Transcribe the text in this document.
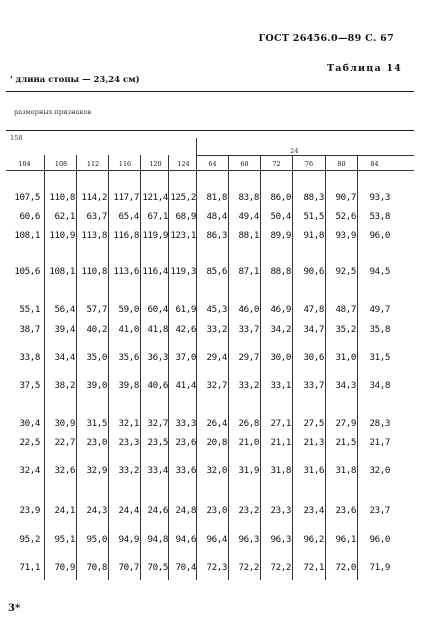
ГОСТ 26456.0—89 С. 67
Таблица 14
' длина стопы — 23,24 см)
размерных признаков
158
24
104	108	112	116	120	124	64	68	72	76	80	84
107,5	110,8 114,2 117,7 121,4 125,2	81,8	83,8	86,0	88,3	90,7	93,3
60,6	62,1	63,7	65,4 67,1 68,9	48,4	49,4	50,4	51,5	52,6	53,8
108,1	110,9 113,8 116,8 119,9 123,1	86,3	88,1	89,9	91,8	93,9	96,0
105,6	108,1 110,8 113,6 116,4 119,3	85,6	87,1	88,8	90,6	92,5	94,5
55,1	56,4	57,7	59,0 60,4 61,9	45,3	46,0	46,9	47,8	48,7	49,7
38,7	39,4	40,2	41,0 41,8 42,6	33,2	33,7	34,2	34,7	35,2	35,8
33,8	34,4	35,0	35,6 36,3 37,0	29,4	29,7	30,0	30,6	31,0	31,5
37,5	38,2	39,0	39,8 40,6 41,4	32,7	33,2	33,1	33,7	34,3	34,8
30,4	30,9	31,5	32,1 32,7 33,3	26,4	26,8	27,1	27,5	27,9	28,3
22,5	22,7	23,0	23,3 23,5 23,6	20,8	21,0	21,1	21,3	21,5	21,7
32,4	32,6	32,9	33,2 33,4 33,6	32,0	31,9	31,8	31,6	31,8	32,0
23,9	24,1	24,3	24,4 24,6 24,8	23,0	23,2	23,3	23,4	23,6	23,7
95,2	95,1	95,0	94,9 94,8 94,6	96,4	96,3	96,3	96,2	96,1	96,0
71,1	70,9	70,8	70,7 70,5 70,4	72,3	72,2	72,2	72,1	72,0	71,9
3*
